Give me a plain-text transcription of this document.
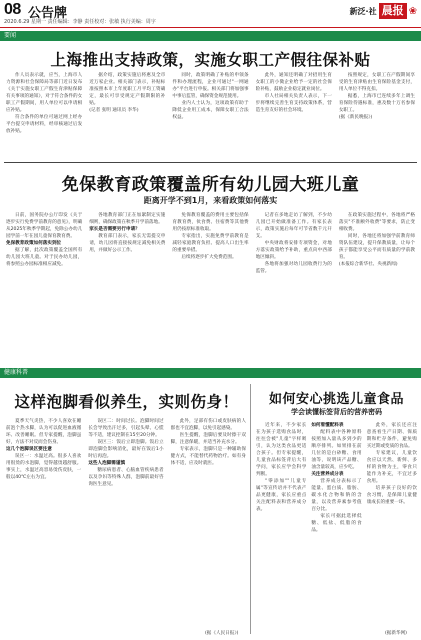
08 公告牌
2020.6.29 星期一 责任编辑：李静 责任校对：张敏 执行美编：周宇
新泛·社 晨报 ❀
要闻
上海推出支持政策，实施女职工产假往保补贴

作人员表示就，应当，上海市人力资源和社会保障局等部门近日发布《关于实施女职工产假生育津贴保障有关事项的通知》，对于符合条件的女职工产假期间，用人单位可以申请相应补贴。

符合条件的单位可通过网上经办平台提交申请材料，经审核通过后发放补贴。

据介绍，政策实施后将惠及全市近万家企业。相关部门表示，补贴标准按照本市上年度职工月平均工资确定，最长可享受规定产假期限的补贴。

(记者 张明 通讯员 李华)

同时，政策明确了补贴的申领条件和办理流程，企业可通过"一网通办"平台进行申报。相关部门将加强事中事后监管，确保资金规范使用。

业内人士认为，这项政策有助于降低企业用工成本，保障女职工合法权益。

此外，通知还明确了对招用生育女职工的小微企业给予一定的社会保险补贴，鼓励企业稳定就业岗位。

市人社局相关负责人表示，下一步将继续完善生育支持政策体系，营造生育友好的社会环境。

按照规定，女职工在产假期间享受的生育津贴由生育保险基金支付，用人单位不得克扣。

据悉，上海市已连续多年上调生育保险待遇标准，惠及数十万名参保女职工。

(据《新民晚报》)

免保教育政策覆盖所有幼儿园大班儿童
距离开学不到1月，来看政策如何落实

日前，国务院办公厅印发《关于逐步实行免费学前教育的意见》，明确从2025年秋季学期起，免除公办幼儿园学前一年在园儿童保育教育费。

免保教育政策如何落实到位

据了解，此次政策覆盖全国所有幼儿园大班儿童。对于民办幼儿园，将参照公办园标准相应减免。

各地教育部门正在加紧制定实施细则，确保政策在秋季开学前落地。

家长是否需要另行申请？

教育部门表示，家长无需提交申请，幼儿园将直接按规定减免相关费用，并做好公示工作。

免保教育覆盖的费用主要包括保育教育费，伙食费、住宿费等其他费用仍按原标准收取。

专家指出，实施免费学前教育是减轻家庭教育负担、提高人口出生率的重要举措。

后续将逐步扩大免费范围。

记者在多地走访了解到，不少幼儿园已开始做准备工作。有家长表示，政策实施后每年可节省数千元开支。

中央财政将安排专项资金，对地方落实政策给予补助，重点向中西部地区倾斜。

各地将加强对幼儿园收费行为的监管。

在政策实施过程中，各地将严格落实"不准额外收费"等要求，防止变相收费。

同时，各地还将加强学前教育师资队伍建设，提升保教质量，让每个孩子都能享受公平而有质量的学前教育。

(本报综合新华社、央视新闻)

健康科普
这样泡脚看似养生，实则伤身！

夏季天气炎热，不少人喜欢在睡前泡个热水脚，认为可以促进血液循环、改善睡眠。但专家提醒，泡脚虽好，方法不对反而会伤身。

这几个泡脚误区要注意

误区一：水温过高。很多人喜欢用很烫的水泡脚，觉得越烫越舒服。事实上，水温过高容易烫伤皮肤，一般以40℃左右为宜。

误区二：时间过长。泡脚时间过长会导致出汗过多，引起头晕、心慌等不适，建议控制在15至20分钟。

误区三：饭后立即泡脚。饭后立即泡脚会影响消化，最好在饭后1小时后再泡。

这些人泡脚需谨慎

糖尿病患者、心脑血管疾病患者以及孕妇等特殊人群，泡脚前最好咨询医生意见。

此外，足部有伤口或皮肤病的人群也不宜泡脚，以免引起感染。

医生提醒，泡脚后要及时擦干双脚，注意保暖，并适当补充水分。

专家表示，泡脚只是一种辅助保健方式，不能替代药物治疗。如有身体不适，应及时就医。

(据《人民日报》)
如何安心挑选儿童食品
学会读懂标签背后的营养密码

近年来，不少家长在为孩子选购食品时，往往会被"儿童"字样吸引，认为这类食品更适合孩子。但专家提醒，儿童食品标签背后大有学问，家长应学会科学判断。

"零添加""儿童专属"等宣传语并不代表产品更健康，家长应重点关注配料表和营养成分表。

如何看懂配料表

配料表中各种原料按照加入量从多到少的顺序排列。如果排在前几位的是白砂糖、食用油等，说明该产品糖、油含量较高，应少吃。

关注营养成分表

营养成分表标示了能量、蛋白质、脂肪、碳水化合物和钠的含量，以及营养素参考值百分比。

家长可据此选择低糖、低盐、低脂的食品。

此外，家长还应注意查看生产日期、保质期和贮存条件，避免购买过期或变质的食品。

专家建议，儿童饮食应以天然、新鲜、多样的食物为主，零食只能作为补充，不宜过多食用。

培养孩子良好的饮食习惯，是保障儿童健康成长的重要一环。

(据新华网)
